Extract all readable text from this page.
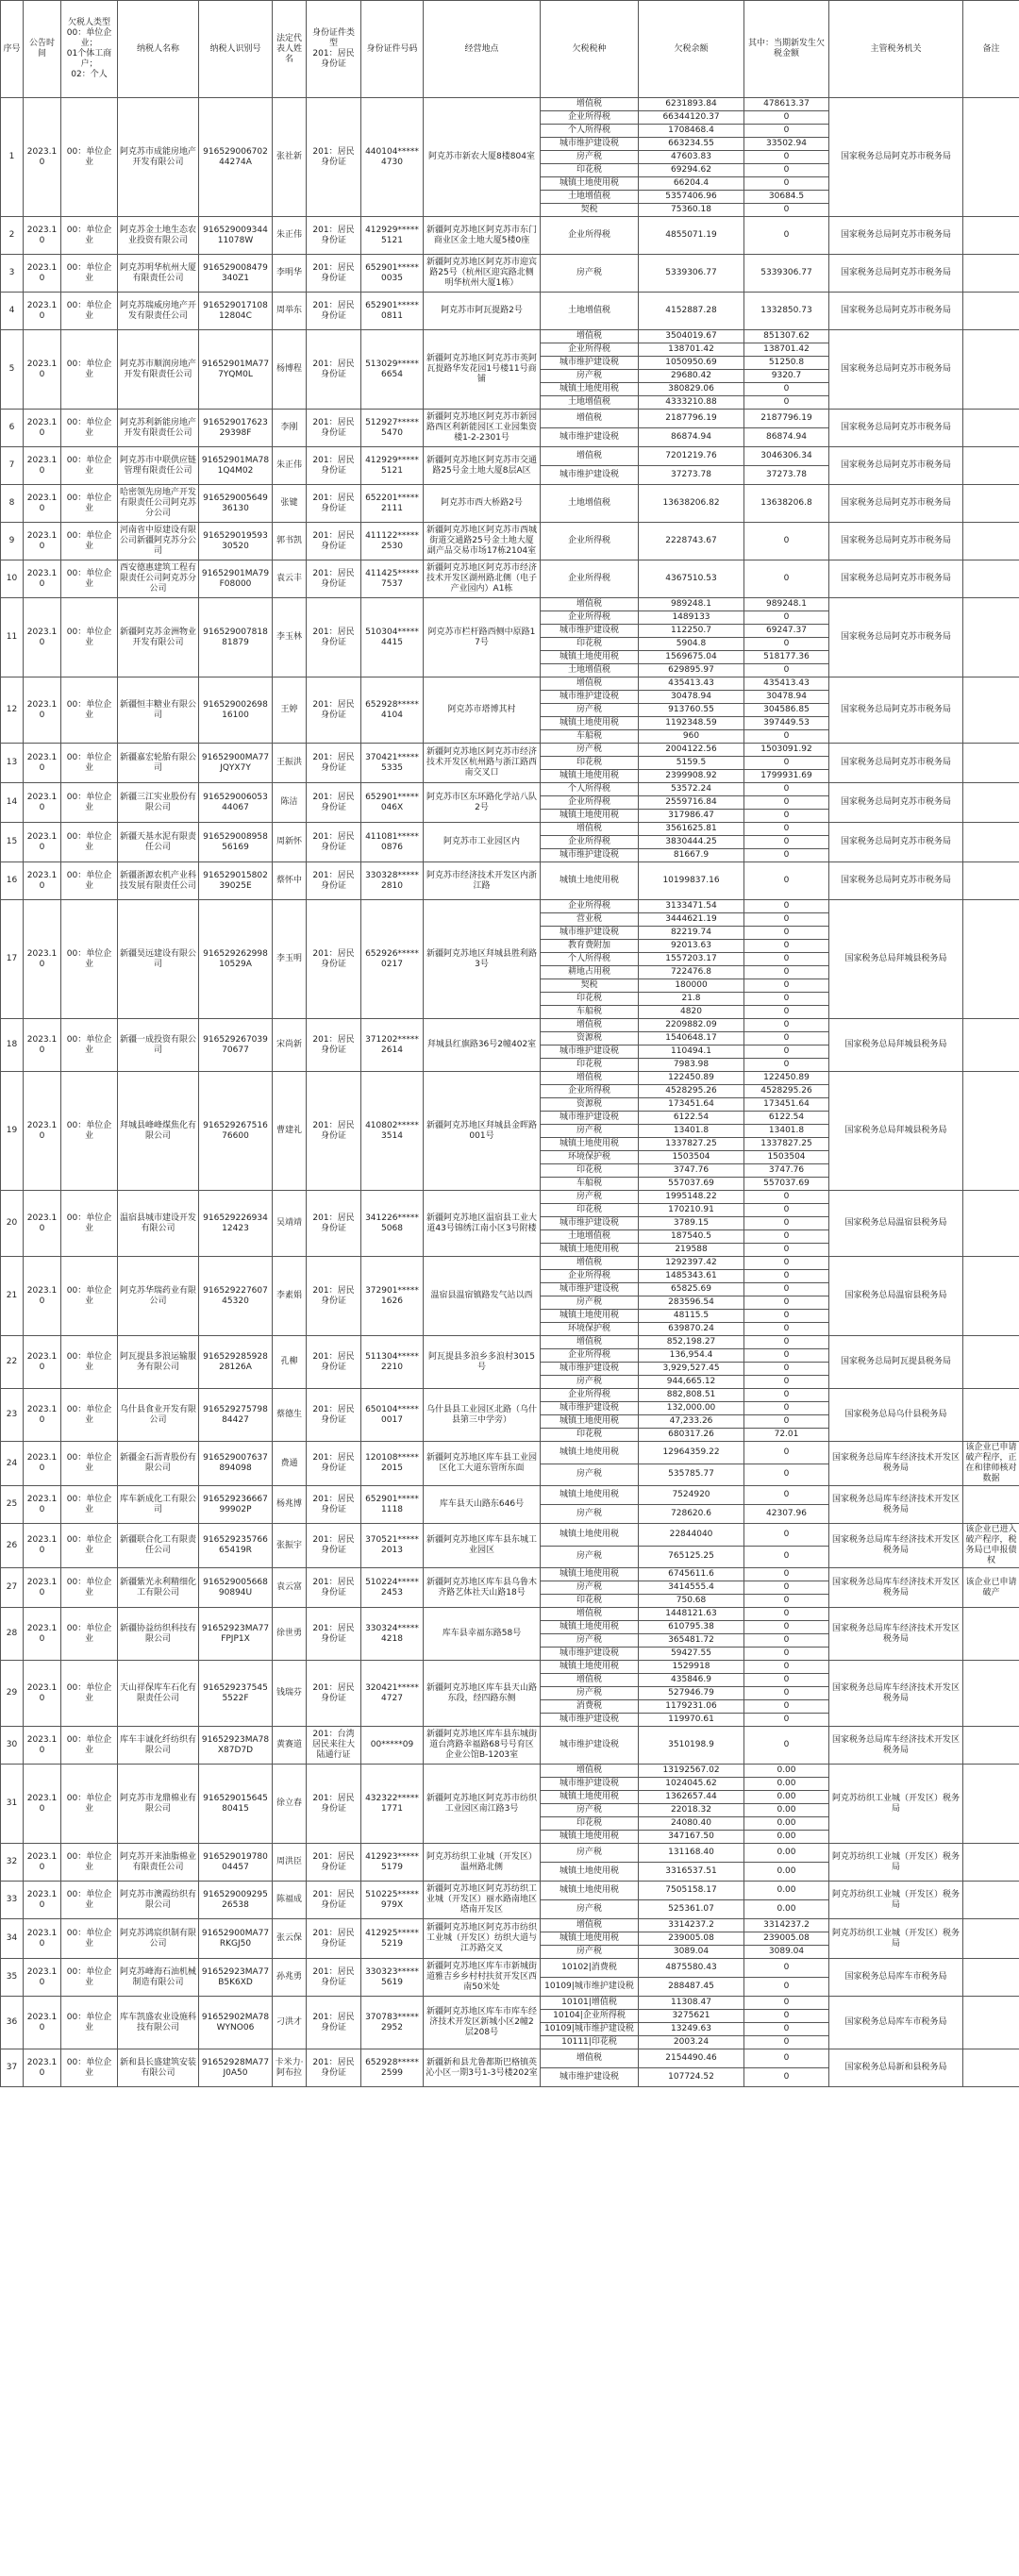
序号	公告时间	欠税人类型
00：单位企业；
01个体工商户；
02：个人	纳税人名称	纳税人识别号	法定代表人姓名	身份证件类型
201：居民身份证	身份证件号码	经营地点	欠税税种	欠税余额	其中：当期新发生欠税金额	主管税务机关	备注
1	2023.10	00：单位企业	阿克苏市成能房地产开发有限公司	91652900670244274A	张社新	201：居民身份证	440104*****4730	阿克苏市新农大厦8楼804室	增值税	6231893.84	478613.37	国家税务总局阿克苏市税务局	
									企业所得税	66344120.37	0		
									个人所得税	1708468.4	0		
									城市维护建设税	663234.55	33502.94		
									房产税	47603.83	0		
									印花税	69294.62	0		
									城镇土地使用税	66204.4	0		
									土地增值税	5357406.96	30684.5		
									契税	75360.18	0		
2	2023.10	00：单位企业	阿克苏金土地生态农业投资有限公司	91652900934411078W	朱正伟	201：居民身份证	412929*****5121	新疆阿克苏地区阿克苏市东门商业区金土地大厦5楼0座	企业所得税	4855071.19	0	国家税务总局阿克苏市税务局	
3	2023.10	00：单位企业	阿克苏明华杭州大厦有限责任公司	916529008479340Z1	李明华	201：居民身份证	652901*****0035	新疆阿克苏地区阿克苏市迎宾路25号（杭州区迎宾路北侧明华杭州大厦1栋）	房产税	5339306.77	5339306.77	国家税务总局阿克苏市税务局	
4	2023.10	00：单位企业	阿克苏瑞威房地产开发有限责任公司	91652901710812804C	周举东	201：居民身份证	652901*****0811	阿克苏市阿瓦提路2号	土地增值税	4152887.28	1332850.73	国家税务总局阿克苏市税务局	
5	2023.10	00：单位企业	阿克苏市顺润房地产开发有限责任公司	91652901MA777YQM0L	杨博程	201：居民身份证	513029*****6654	新疆阿克苏地区阿克苏市英阿瓦提路华发花园1号楼11号商铺	增值税	3504019.67	851307.62	国家税务总局阿克苏市税务局	
									企业所得税	138701.42	138701.42		
									城市维护建设税	1050950.69	51250.8		
									房产税	29680.42	9320.7		
									城镇土地使用税	380829.06	0		
									土地增值税	4333210.88	0		
6	2023.10	00：单位企业	阿克苏利新能房地产开发有限责任公司	91652901762329398F	李刚	201：居民身份证	512927*****5470	新疆阿克苏地区阿克苏市新园路西区利新能园区工业园集资楼1-2-2301号	增值税	2187796.19	2187796.19	国家税务总局阿克苏市税务局	
									城市维护建设税	86874.94	86874.94		
7	2023.10	00：单位企业	阿克苏市中联供应链管理有限责任公司	91652901MA781Q4M02	朱正伟	201：居民身份证	412929*****5121	新疆阿克苏地区阿克苏市交通路25号金土地大厦8层A区	增值税	7201219.76	3046306.34	国家税务总局阿克苏市税务局	
									城市维护建设税	37273.78	37273.78		
8	2023.10	00：单位企业	哈密领先房地产开发有限责任公司阿克苏分公司	91652900564936130	张键	201：居民身份证	652201*****2111	阿克苏市西大桥路2号	土地增值税	13638206.82	13638206.8	国家税务总局阿克苏市税务局	
9	2023.10	00：单位企业	河南省中原建设有限公司新疆阿克苏分公司	91652901959330520	郭书凯	201：居民身份证	411122*****2530	新疆阿克苏地区阿克苏市西城街道交通路25号金土地大厦副产品交易市场17栋2104室	企业所得税	2228743.67	0	国家税务总局阿克苏市税务局	
10	2023.10	00：单位企业	西安德惠建筑工程有限责任公司阿克苏分公司	91652901MA79F08000	袁云丰	201：居民身份证	411425*****7537	新疆阿克苏地区阿克苏市经济技术开发区湖州路北侧（电子产业园内）A1栋	企业所得税	4367510.53	0	国家税务总局阿克苏市税务局	
11	2023.10	00：单位企业	新疆阿克苏金洲物业开发有限公司	91652900781881879	李玉林	201：居民身份证	510304*****4415	阿克苏市栏杆路西侧中原路17号	增值税	989248.1	989248.1	国家税务总局阿克苏市税务局	
									企业所得税	1489133	0		
									城市维护建设税	112250.7	69247.37		
									印花税	5904.8	0		
									城镇土地使用税	1569675.04	518177.36		
									土地增值税	629895.97	0		
12	2023.10	00：单位企业	新疆恒丰糖业有限公司	91652900269816100	王婷	201：居民身份证	652928*****4104	阿克苏市塔博其村	增值税	435413.43	435413.43	国家税务总局阿克苏市税务局	
									城市维护建设税	30478.94	30478.94		
									房产税	913760.55	304586.85		
									城镇土地使用税	1192348.59	397449.53		
									车船税	960	0		
13	2023.10	00：单位企业	新疆嘉宏轮胎有限公司	91652900MA77JQYX7Y	王振洪	201：居民身份证	370421*****5335	新疆阿克苏地区阿克苏市经济技术开发区杭州路与浙江路西南交叉口	房产税	2004122.56	1503091.92	国家税务总局阿克苏市税务局	
									印花税	5159.5	0		
									城镇土地使用税	2399908.92	1799931.69		
14	2023.10	00：单位企业	新疆三江实业股份有限公司	91652900605344067	陈洁	201：居民身份证	652901*****046X	阿克苏市区东环路化学站八队2号	个人所得税	53572.24	0	国家税务总局阿克苏市税务局	
									企业所得税	2559716.84	0		
									城镇土地使用税	317986.47	0		
15	2023.10	00：单位企业	新疆天基水泥有限责任公司	91652900895856169	周新怀	201：居民身份证	411081*****0876	阿克苏市工业园区内	增值税	3561625.81	0	国家税务总局阿克苏市税务局	
									企业所得税	3830444.25	0		
									城市维护建设税	81667.9	0		
16	2023.10	00：单位企业	新疆浙源农机产业科技发展有限责任公司	91652901580239025E	蔡怀中	201：居民身份证	330328*****2810	阿克苏市经济技术开发区内浙江路	城镇土地使用税	10199837.16	0	国家税务总局阿克苏市税务局	
17	2023.10	00：单位企业	新疆昊远建设有限公司	91652926299810529A	李玉明	201：居民身份证	652926*****0217	新疆阿克苏地区拜城县胜利路3号	企业所得税	3133471.54	0	国家税务总局拜城县税务局	
									营业税	3444621.19	0		
									城市维护建设税	82219.74	0		
									教育费附加	92013.63	0		
									个人所得税	1557203.17	0		
									耕地占用税	722476.8	0		
									契税	180000	0		
									印花税	21.8	0		
									车船税	4820	0		
18	2023.10	00：单位企业	新疆一成投资有限公司	91652926703970677	宋尚新	201：居民身份证	371202*****2614	拜城县红旗路36号2幢402室	增值税	2209882.09	0	国家税务总局拜城县税务局	
									资源税	1540648.17	0		
									城市维护建设税	110494.1	0		
									印花税	7983.98	0		
19	2023.10	00：单位企业	拜城县峰峰煤焦化有限公司	91652926751676600	曹建礼	201：居民身份证	410802*****3514	新疆阿克苏地区拜城县金晖路001号	增值税	122450.89	122450.89	国家税务总局拜城县税务局	
									企业所得税	4528295.26	4528295.26		
									资源税	173451.64	173451.64		
									城市维护建设税	6122.54	6122.54		
									房产税	13401.8	13401.8		
									城镇土地使用税	1337827.25	1337827.25		
									环境保护税	1503504	1503504		
									印花税	3747.76	3747.76		
									车船税	557037.69	557037.69		
20	2023.10	00：单位企业	温宿县城市建设开发有限公司	91652922693412423	吴靖靖	201：居民身份证	341226*****5068	新疆阿克苏地区温宿县工业大道43号锦绣江南小区3号附楼	房产税	1995148.22	0	国家税务总局温宿县税务局	
									印花税	170210.91	0		
									城市维护建设税	3789.15	0		
									土地增值税	187540.5	0		
									城镇土地使用税	219588	0		
21	2023.10	00：单位企业	阿克苏华瑞药业有限公司	91652922760745320	李素娟	201：居民身份证	372901*****1626	温宿县温宿镇路发气站以西	增值税	1292397.42	0	国家税务总局温宿县税务局	
									企业所得税	1485343.61	0		
									城市维护建设税	65825.69	0		
									房产税	283596.54	0		
									城镇土地使用税	48115.5	0		
									环境保护税	639870.24	0		
22	2023.10	00：单位企业	阿瓦提县多浪运输服务有限公司	91652928592828126A	孔柳	201：居民身份证	511304*****2210	阿瓦提县多浪乡多浪村3015号	增值税	852,198.27	0	国家税务总局阿瓦提县税务局	
									企业所得税	136,954.4	0		
									城市维护建设税	3,929,527.45	0		
									房产税	944,665.12	0		
23	2023.10	00：单位企业	乌什县食业开发有限公司	91652927579884427	蔡德生	201：居民身份证	650104*****0017	乌什县县工业园区北路（乌什县第三中学旁）	企业所得税	882,808.51	0	国家税务总局乌什县税务局	
									城市维护建设税	132,000.00	0		
									城镇土地使用税	47,233.26	0		
									印花税	680317.26	72.01		
24	2023.10	00：单位企业	新疆金石沥青股份有限公司	916529007637894098	费通	201：居民身份证	120108*****2015	新疆阿克苏地区库车县工业园区化工大道东管所东面	城镇土地使用税	12964359.22	0	国家税务总局库车经济技术开发区税务局	该企业已申请破产程序，正在和律师核对数据
									房产税	535785.77	0		
25	2023.10	00：单位企业	库车新成化工有限公司	91652923666799902P	杨兆博	201：居民身份证	652901*****1118	库车县天山路东646号	城镇土地使用税	7524920	0	国家税务总局库车经济技术开发区税务局	
									房产税	728620.6	42307.96		
26	2023.10	00：单位企业	新疆联合化工有限责任公司	91652923576665419R	张振宇	201：居民身份证	370521*****2013	新疆阿克苏地区库车县东城工业园区	城镇土地使用税	22844040	0	国家税务总局库车经济技术开发区税务局	该企业已进入破产程序，税务局已申报债权
									房产税	765125.25	0		
27	2023.10	00：单位企业	新疆紫光永利精细化工有限公司	91652900566890894U	袁云富	201：居民身份证	510224*****2453	新疆阿克苏地区库车县乌鲁木齐路艺体社天山路18号	城镇土地使用税	6745611.6	0	国家税务总局库车经济技术开发区税务局	该企业已申请破产
									房产税	3414555.4	0		
									印花税	750.68	0		
28	2023.10	00：单位企业	新疆协益纺织科技有限公司	91652923MA77FPJP1X	徐世勇	201：居民身份证	330324*****4218	库车县幸福东路58号	增值税	1448121.63	0	国家税务总局库车经济技术开发区税务局	
									城镇土地使用税	610795.38	0		
									房产税	365481.72	0		
									城市维护建设税	59427.55	0		
29	2023.10	00：单位企业	天山祥保库车石化有限责任公司	9165292375455522F	钱瑞芬	201：居民身份证	320421*****4727	新疆阿克苏地区库车县天山路东段，经四路东侧	城镇土地使用税	1529918	0	国家税务总局库车经济技术开发区税务局	
									增值税	435846.9	0		
									房产税	527946.79	0		
									消费税	1179231.06	0		
									城市维护建设税	119970.61	0		
30	2023.10	00：单位企业	库车丰诚化纤纺织有限公司	91652923MA78X87D7D	黄赛道	201：台湾居民来往大陆通行证	00*****09	新疆阿克苏地区库车县东城街道台湾路幸福路68号号育区企业公馆B-1203室	城市维护建设税	3510198.9	0	国家税务总局库车经济技术开发区税务局	
31	2023.10	00：单位企业	阿克苏市龙鼎棉业有限公司	91652901564580415	徐立春	201：居民身份证	432322*****1771	新疆阿克苏地区阿克苏市纺织工业园区南江路3号	增值税	13192567.02	0.00	阿克苏纺织工业城（开发区）税务局	
									城市维护建设税	1024045.62	0.00		
									城镇土地使用税	1362657.44	0.00		
									房产税	22018.32	0.00		
									印花税	24080.40	0.00		
									城镇土地使用税	347167.50	0.00		
32	2023.10	00：单位企业	阿克苏开来油脂棉业有限责任公司	91652901978004457	周洪臣	201：居民身份证	412923*****5179	阿克苏纺织工业城（开发区）温州路北侧	房产税	131168.40	0.00	阿克苏纺织工业城（开发区）税务局	
									城镇土地使用税	3316537.51	0.00		
33	2023.10	00：单位企业	阿克苏市澳霞纺织有限公司	91652900929526538	陈福成	201：居民身份证	510225*****979X	新疆阿克苏地区阿克苏纺织工业城（开发区）丽水路南地区塔南开发区	城镇土地使用税	7505158.17	0.00	阿克苏纺织工业城（开发区）税务局	
									房产税	525361.07	0.00		
34	2023.10	00：单位企业	阿克苏鸿宸织制有限公司	91652900MA77RKGJ50	张云保	201：居民身份证	412925*****5219	新疆阿克苏地区阿克苏市纺织工业城（开发区）纺织大道与江苏路交叉	增值税	3314237.2	3314237.2	阿克苏纺织工业城（开发区）税务局	
									城镇土地使用税	239005.08	239005.08		
									房产税	3089.04	3089.04		
35	2023.10	00：单位企业	阿克苏峰海石油机械制造有限公司	91652923MA77B5K6XD	孙兆勇	201：居民身份证	330323*****5619	新疆阿克苏地区库车市新城街道雅吉乡乡村村扶贫开发区西南50米处	10102|消费税	4875580.43	0	国家税务总局库车市税务局	
									10109|城市维护建设税	288487.45	0		
36	2023.10	00：单位企业	库车凯盛农业设施科技有限公司	91652902MA78WYNO06	刁洪才	201：居民身份证	370783*****2952	新疆阿克苏地区库车市库车经济技术开发区新城小区2幢2层208号	10101|增值税	11308.47	0	国家税务总局库车市税务局	
									10104|企业所得税	3275621	0		
									10109|城市维护建设税	13249.63	0		
									10111|印花税	2003.24	0		
37	2023.10	00：单位企业	新和县长盛建筑安装有限公司	91652928MA77J0A50	卡米力·阿布拉	201：居民身份证	652928*****2599	新疆新和县尤鲁都斯巴格镇英沁小区一期3号1-3号楼202室	增值税	2154490.46	0	国家税务总局新和县税务局	
									城市维护建设税	107724.52	0		
